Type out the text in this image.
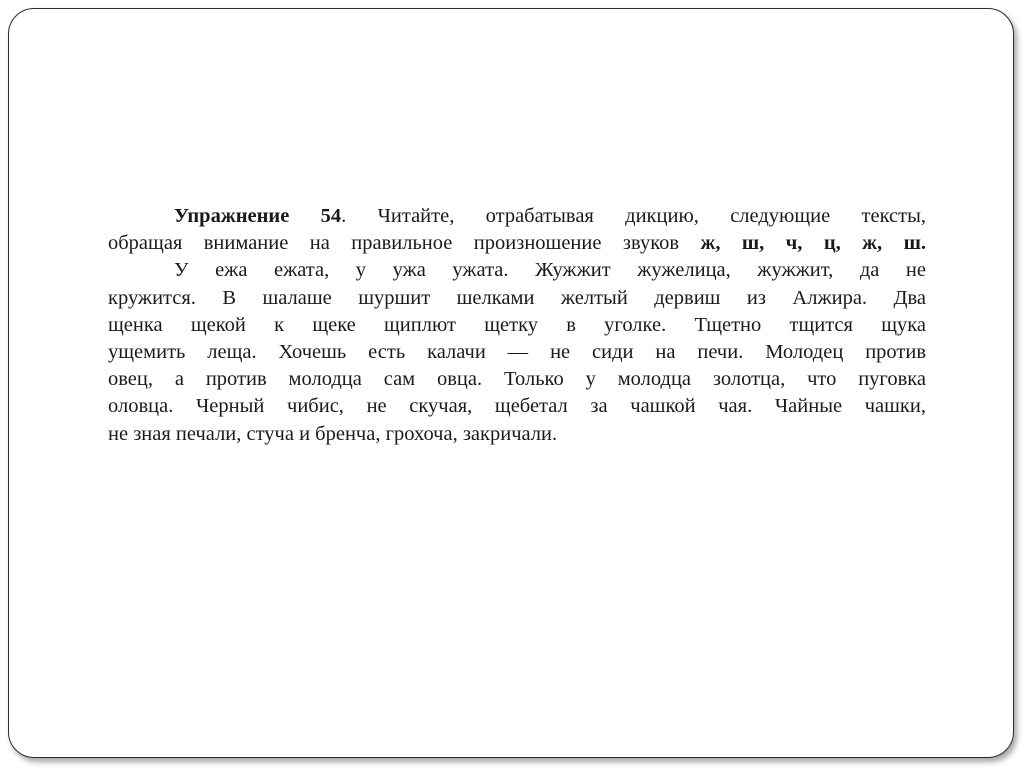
Упражнение 54. Читайте, отрабатывая дикцию, следующие тексты,
обращая внимание на правильное произношение звуков ж, ш, ч, ц, ж, ш.
У ежа ежата, у ужа ужата. Жужжит жужелица, жужжит, да не
кружится. В шалаше шуршит шелками желтый дервиш из Алжира. Два
щенка щекой к щеке щиплют щетку в уголке. Тщетно тщится щука
ущемить леща. Хочешь есть калачи — не сиди на печи. Молодец против
овец, а против молодца сам овца. Только у молодца золотца, что пуговка
оловца. Черный чибис, не скучая, щебетал за чашкой чая. Чайные чашки,
не зная печали, стуча и бренча, грохоча, закричали.
